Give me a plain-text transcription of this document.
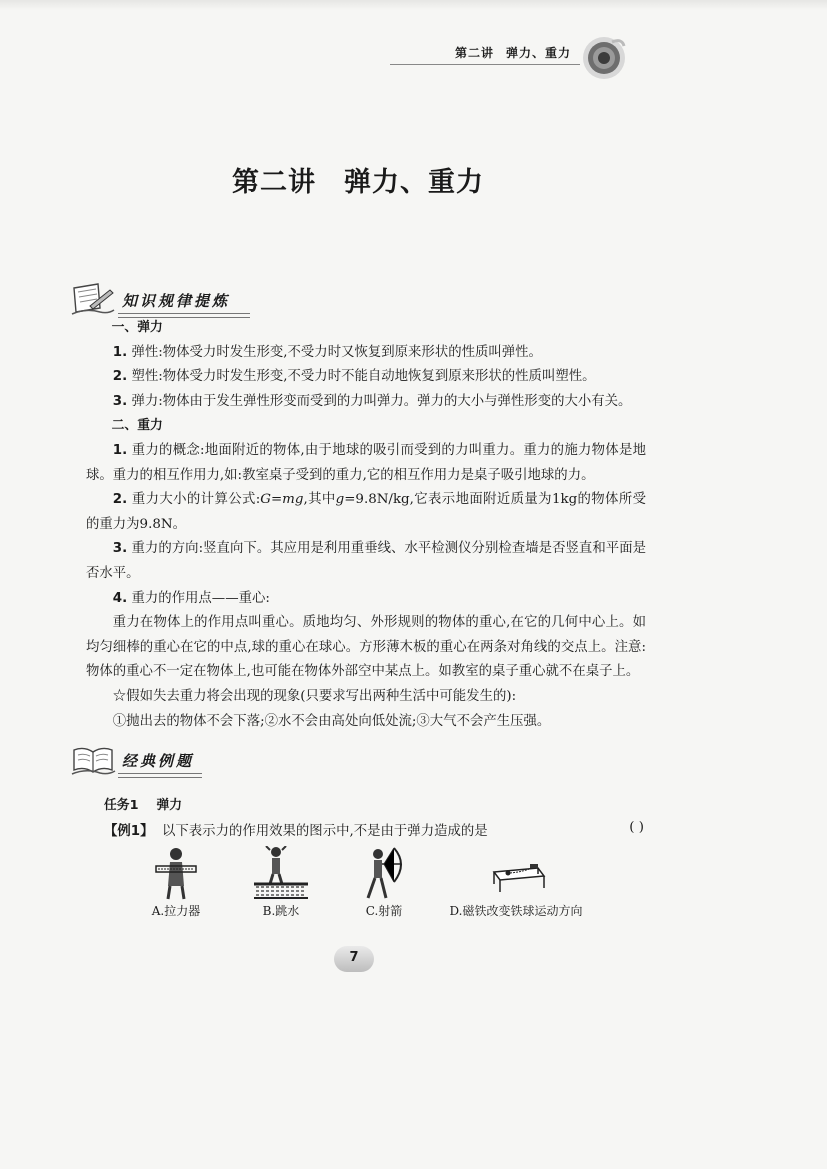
第二讲 弹力、重力
第二讲 弹力、重力
知识规律提炼

一、弹力

1. 弹性:物体受力时发生形变,不受力时又恢复到原来形状的性质叫弹性。

2. 塑性:物体受力时发生形变,不受力时不能自动地恢复到原来形状的性质叫塑性。

3. 弹力:物体由于发生弹性形变而受到的力叫弹力。弹力的大小与弹性形变的大小有关。

二、重力

1. 重力的概念:地面附近的物体,由于地球的吸引而受到的力叫重力。重力的施力物体是地球。重力的相互作用力,如:教室桌子受到的重力,它的相互作用力是桌子吸引地球的力。

2. 重力大小的计算公式:G=mg,其中g=9.8N/kg,它表示地面附近质量为1kg的物体所受的重力为9.8N。

3. 重力的方向:竖直向下。其应用是利用重垂线、水平检测仪分别检查墙是否竖直和平面是否水平。

4. 重力的作用点——重心:

重力在物体上的作用点叫重心。质地均匀、外形规则的物体的重心,在它的几何中心上。如均匀细棒的重心在它的中点,球的重心在球心。方形薄木板的重心在两条对角线的交点上。注意:物体的重心不一定在物体上,也可能在物体外部空中某点上。如教室的桌子重心就不在桌子上。

☆假如失去重力将会出现的现象(只要求写出两种生活中可能发生的):

①抛出去的物体不会下落;②水不会由高处向低处流;③大气不会产生压强。

经典例题
任务1 弹力
【例1】 以下表示力的作用效果的图示中,不是由于弹力造成的是	( )
A.拉力器	B.跳水	C.射箭	D.磁铁改变铁球运动方向
7
